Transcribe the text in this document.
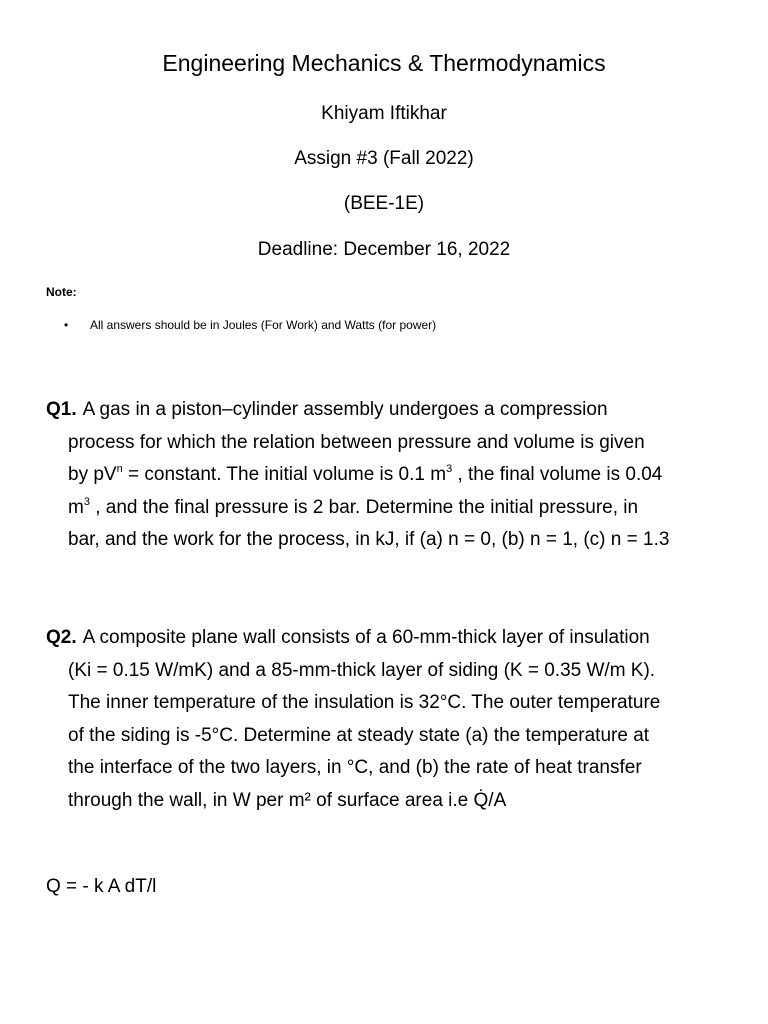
Engineering Mechanics & Thermodynamics

Khiyam Iftikhar

Assign #3 (Fall 2022)

(BEE-1E)

Deadline: December 16, 2022

Note:
• All answers should be in Joules (For Work) and Watts (for power)
Q1. A gas in a piston–cylinder assembly undergoes a compression
process for which the relation between pressure and volume is given
by $pV^n$ = constant. The initial volume is 0.1 $m^3$ , the final volume is 0.04
$m^3$ , and the final pressure is 2 bar. Determine the initial pressure, in
bar, and the work for the process, in kJ, if (a) n = 0, (b) n = 1, (c) n = 1.3
Q2. A composite plane wall consists of a 60-mm-thick layer of insulation
(Ki = 0.15 W/mK) and a 85-mm-thick layer of siding (K = 0.35 W/m K).
The inner temperature of the insulation is 32°C. The outer temperature
of the siding is -5°C. Determine at steady state (a) the temperature at
the interface of the two layers, in °C, and (b) the rate of heat transfer
through the wall, in W per m² of surface area i.e Q̇/A

Q = - k A dT/l
